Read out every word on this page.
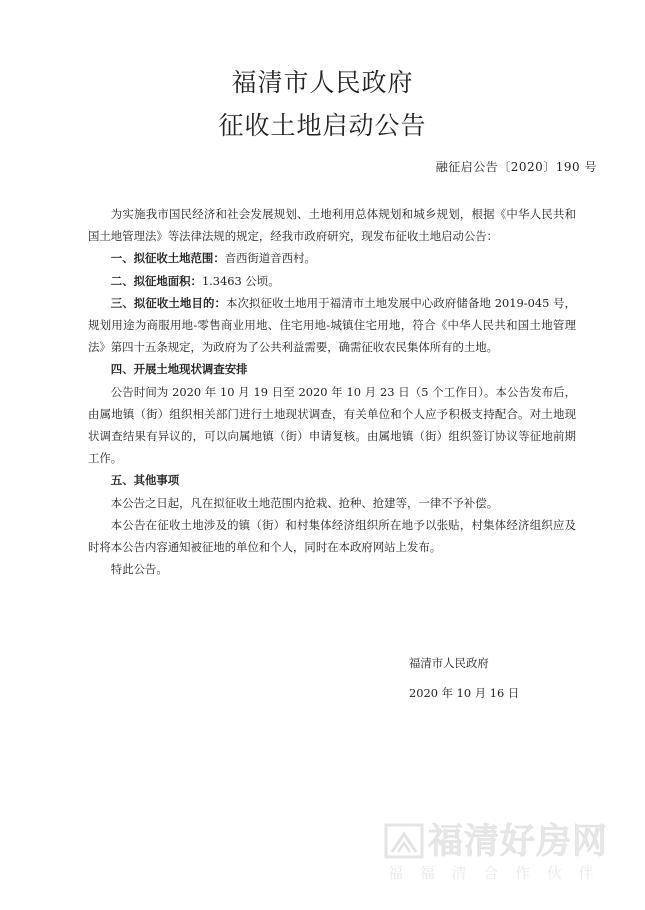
福清市人民政府
征收土地启动公告
融征启公告〔2020〕190 号

为实施我市国民经济和社会发展规划、土地利用总体规划和城乡规划，根据《中华人民共和国土地管理法》等法律法规的规定，经我市政府研究，现发布征收土地启动公告：

一、拟征收土地范围：音西街道音西村。

二、拟征地面积：1.3463 公顷。

三、拟征收土地目的：本次拟征收土地用于福清市土地发展中心政府储备地 2019-045 号，规划用途为商服用地-零售商业用地、住宅用地-城镇住宅用地，符合《中华人民共和国土地管理法》第四十五条规定，为政府为了公共利益需要，确需征收农民集体所有的土地。

四、开展土地现状调查安排

公告时间为 2020 年 10 月 19 日至 2020 年 10 月 23 日（5 个工作日）。本公告发布后，由属地镇（街）组织相关部门进行土地现状调查，有关单位和个人应予积极支持配合。对土地现状调查结果有异议的，可以向属地镇（街）申请复核。由属地镇（街）组织签订协议等征地前期工作。

五、其他事项

本公告之日起，凡在拟征收土地范围内抢栽、抢种、抢建等，一律不予补偿。

本公告在征收土地涉及的镇（街）和村集体经济组织所在地予以张贴，村集体经济组织应及时将本公告内容通知被征地的单位和个人，同时在本政府网站上发布。

特此公告。

福清市人民政府
2020 年 10 月 16 日
福清好房网
福 福 清 合 作 伙 伴
